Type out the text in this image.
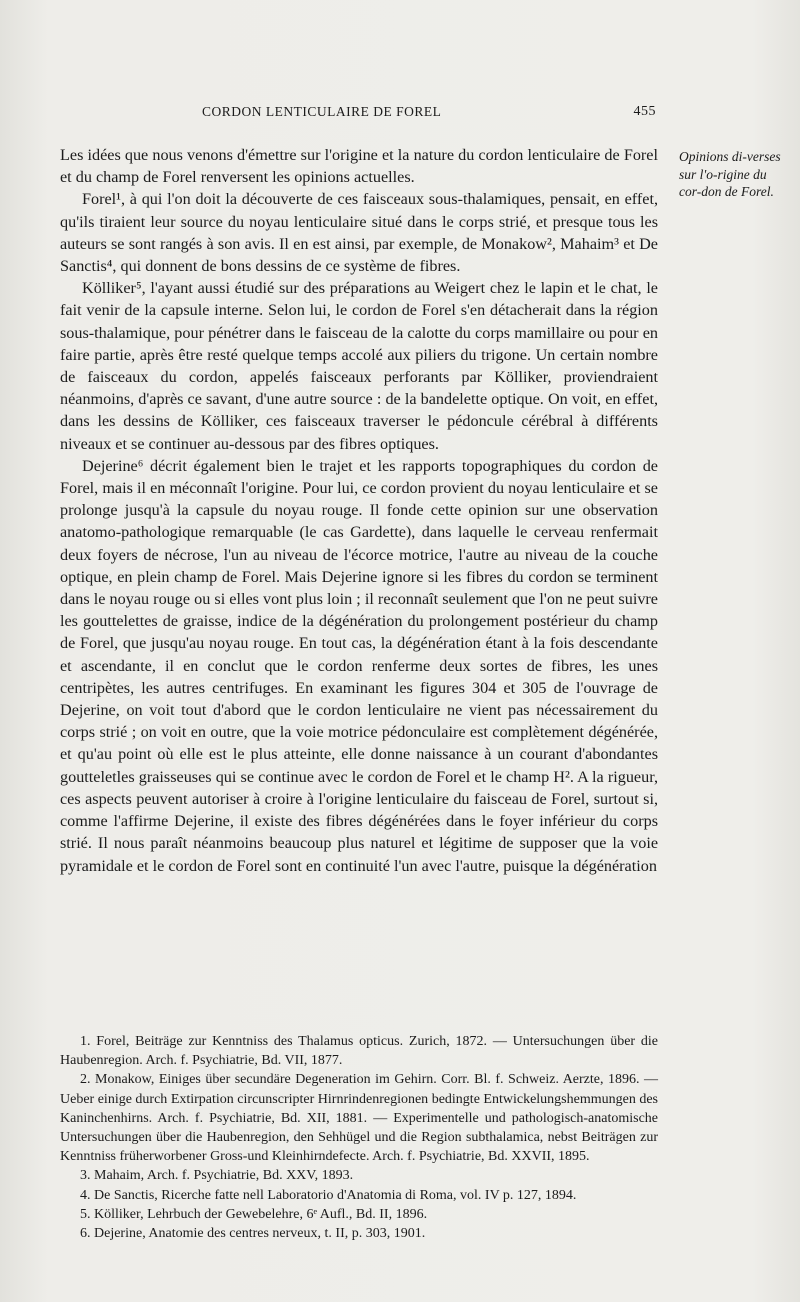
CORDON LENTICULAIRE DE FOREL	455
Opinions di-verses sur l'o-rigine du cor-don de Forel.

Les idées que nous venons d'émettre sur l'origine et la nature du cordon lenticulaire de Forel et du champ de Forel renversent les opinions actuelles.

Forel¹, à qui l'on doit la découverte de ces faisceaux sous-thalamiques, pensait, en effet, qu'ils tiraient leur source du noyau lenticulaire situé dans le corps strié, et presque tous les auteurs se sont rangés à son avis. Il en est ainsi, par exemple, de Monakow², Mahaim³ et De Sanctis⁴, qui donnent de bons dessins de ce système de fibres.

Kölliker⁵, l'ayant aussi étudié sur des préparations au Weigert chez le lapin et le chat, le fait venir de la capsule interne. Selon lui, le cordon de Forel s'en détacherait dans la région sous-thalamique, pour pénétrer dans le faisceau de la calotte du corps mamillaire ou pour en faire partie, après être resté quelque temps accolé aux piliers du trigone. Un certain nombre de faisceaux du cordon, appelés faisceaux perforants par Kölliker, proviendraient néanmoins, d'après ce savant, d'une autre source : de la bandelette optique. On voit, en effet, dans les dessins de Kölliker, ces faisceaux traverser le pédoncule cérébral à différents niveaux et se continuer au-dessous par des fibres optiques.

Dejerine⁶ décrit également bien le trajet et les rapports topographiques du cordon de Forel, mais il en méconnaît l'origine. Pour lui, ce cordon provient du noyau lenticulaire et se prolonge jusqu'à la capsule du noyau rouge. Il fonde cette opinion sur une observation anatomo-pathologique remarquable (le cas Gardette), dans laquelle le cerveau renfermait deux foyers de nécrose, l'un au niveau de l'écorce motrice, l'autre au niveau de la couche optique, en plein champ de Forel. Mais Dejerine ignore si les fibres du cordon se terminent dans le noyau rouge ou si elles vont plus loin ; il reconnaît seulement que l'on ne peut suivre les gouttelettes de graisse, indice de la dégénération du prolongement postérieur du champ de Forel, que jusqu'au noyau rouge. En tout cas, la dégénération étant à la fois descendante et ascendante, il en conclut que le cordon renferme deux sortes de fibres, les unes centripètes, les autres centrifuges. En examinant les figures 304 et 305 de l'ouvrage de Dejerine, on voit tout d'abord que le cordon lenticulaire ne vient pas nécessairement du corps strié ; on voit en outre, que la voie motrice pédonculaire est complètement dégénérée, et qu'au point où elle est le plus atteinte, elle donne naissance à un courant d'abondantes goutteletles graisseuses qui se continue avec le cordon de Forel et le champ H². A la rigueur, ces aspects peuvent autoriser à croire à l'origine lenticulaire du faisceau de Forel, surtout si, comme l'affirme Dejerine, il existe des fibres dégénérées dans le foyer inférieur du corps strié. Il nous paraît néanmoins beaucoup plus naturel et légitime de supposer que la voie pyramidale et le cordon de Forel sont en continuité l'un avec l'autre, puisque la dégénération

1. Forel, Beiträge zur Kenntniss des Thalamus opticus. Zurich, 1872. — Untersuchungen über die Haubenregion. Arch. f. Psychiatrie, Bd. VII, 1877.

2. Monakow, Einiges über secundäre Degeneration im Gehirn. Corr. Bl. f. Schweiz. Aerzte, 1896. — Ueber einige durch Extirpation circunscripter Hirnrindenregionen bedingte Entwickelungshemmungen des Kaninchenhirns. Arch. f. Psychiatrie, Bd. XII, 1881. — Experimentelle und pathologisch-anatomische Untersuchungen über die Haubenregion, den Sehhügel und die Region subthalamica, nebst Beiträgen zur Kenntniss früherworbener Gross-und Kleinhirndefecte. Arch. f. Psychiatrie, Bd. XXVII, 1895.

3. Mahaim, Arch. f. Psychiatrie, Bd. XXV, 1893.

4. De Sanctis, Ricerche fatte nell Laboratorio d'Anatomia di Roma, vol. IV p. 127, 1894.

5. Kölliker, Lehrbuch der Gewebelehre, 6ᵉ Aufl., Bd. II, 1896.

6. Dejerine, Anatomie des centres nerveux, t. II, p. 303, 1901.
